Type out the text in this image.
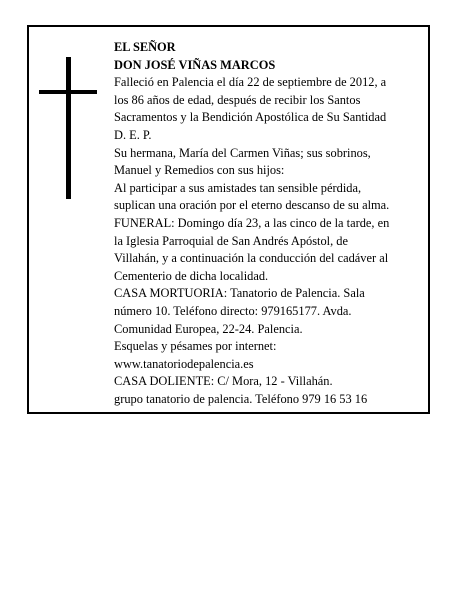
EL SEÑOR
DON JOSÉ VIÑAS MARCOS
Falleció en Palencia el día 22 de septiembre de 2012, a
los 86 años de edad, después de recibir los Santos
Sacramentos y la Bendición Apostólica de Su Santidad
D. E. P.
Su hermana, María del Carmen Viñas; sus sobrinos,
Manuel y Remedios con sus hijos:
Al participar a sus amistades tan sensible pérdida,
suplican una oración por el eterno descanso de su alma.
FUNERAL: Domingo día 23, a las cinco de la tarde, en
la Iglesia Parroquial de San Andrés Apóstol, de
Villahán, y a continuación la conducción del cadáver al
Cementerio de dicha localidad.
CASA MORTUORIA: Tanatorio de Palencia. Sala
número 10. Teléfono directo: 979165177. Avda.
Comunidad Europea, 22-24. Palencia.
Esquelas y pésames por internet:
www.tanatoriodepalencia.es
CASA DOLIENTE: C/ Mora, 12 - Villahán.
grupo tanatorio de palencia. Teléfono 979 16 53 16
